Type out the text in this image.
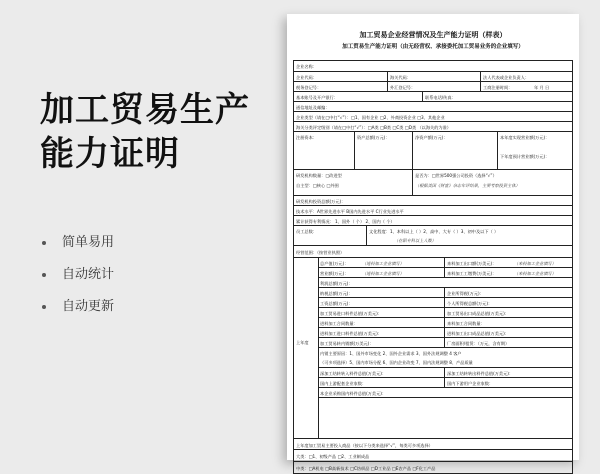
加工贸易生产能力证明
简单易用
自动统计
自动更新
加工贸易企业经营情况及生产能力证明（样表）
加工贸易生产能力证明（由无经营权、承接委托加工贸易业务的企业填写）
企业名称：
企业代码：	海关代码：	法人代表或企业负责人：
税务登记号：	外汇登记号：	工商注册时间：	年 月 日
基本账号及开户银行：	联系电话/传真：
通信地址及邮编：
企业类型（请在□中打“√”）：□1、国有企业 □2、外商投资企业 □3、其他企业
海关分类评定级别（请在□中打“√”）：□A类 □B类 □C类 □D类 （以海关的为准）
注册资本：	资产总额(万元)：	净资产额(万元)：	本年度实现营业额(万元)：
下年度预计营业额(万元)：
研发机构数量：□改进型
自主型：□核心 □外围
是否为：□世界500强公司投资（选择“√”）
（根据美国《财富》杂志年评结果，主要考察投资主体）
研发机构投资总额(万元)：
技术水平：A世界先进水平 B国内先进水平 C行业先进水平
累计获得专利情况： 1、国外（ 个） 2、国内（ 个）
员工总数：	文化程度：1、本科以上（ ）2、高中、大专（ ）3、初中及以下（ ）
（在职专科以上人数）
经营范围：（按营业执照）
上年度
总产值(万元)：	（进料加工企业填写）	来料加工出口额(万美元)：	（来料加工企业填写）
营业额(万元)：	（进料加工企业填写）	来料加工工缴费(万美元)：	（来料加工企业填写）
利润总额(万元)：
纳税总额(万元)：	企业所得税(万元)：
工资总额(万元)：	个人所得税总额(万元)：
加工贸易进口料件总值(万美元)：	加工贸易出口成品总值(万美元)：
进料加工合同数量：	来料加工合同数量：
进料加工进口料件总值(万美元)：	进料加工出口成品总值(万美元)：
加工贸易转内销额(万美元)：	厂房面积/租赁：（万元，含有期）
内销主要原因：1、国外市场变化 2、国外企业需求 3、国外法规调整 4 客户
（可多项选择）5、国内市场分配 6、国内企业改变 7、国内法规调整 8、产品质量
深加工结转转入料件总值(万美元)：	深加工结转转出料件总值(万美元)：
国内上游配套企业家数：	国内下游用户企业家数：
本企业采购国内料件总值(万美元)：
上年度加工贸易主要投入商品（按以下分类来选择“√”，每类可多项选择）
大类：□1、初级产品 □2、工业制成品
中类：□A机电 □B高新技术 □C纺织品 □D工业品 □E农产品 □F化工产品
